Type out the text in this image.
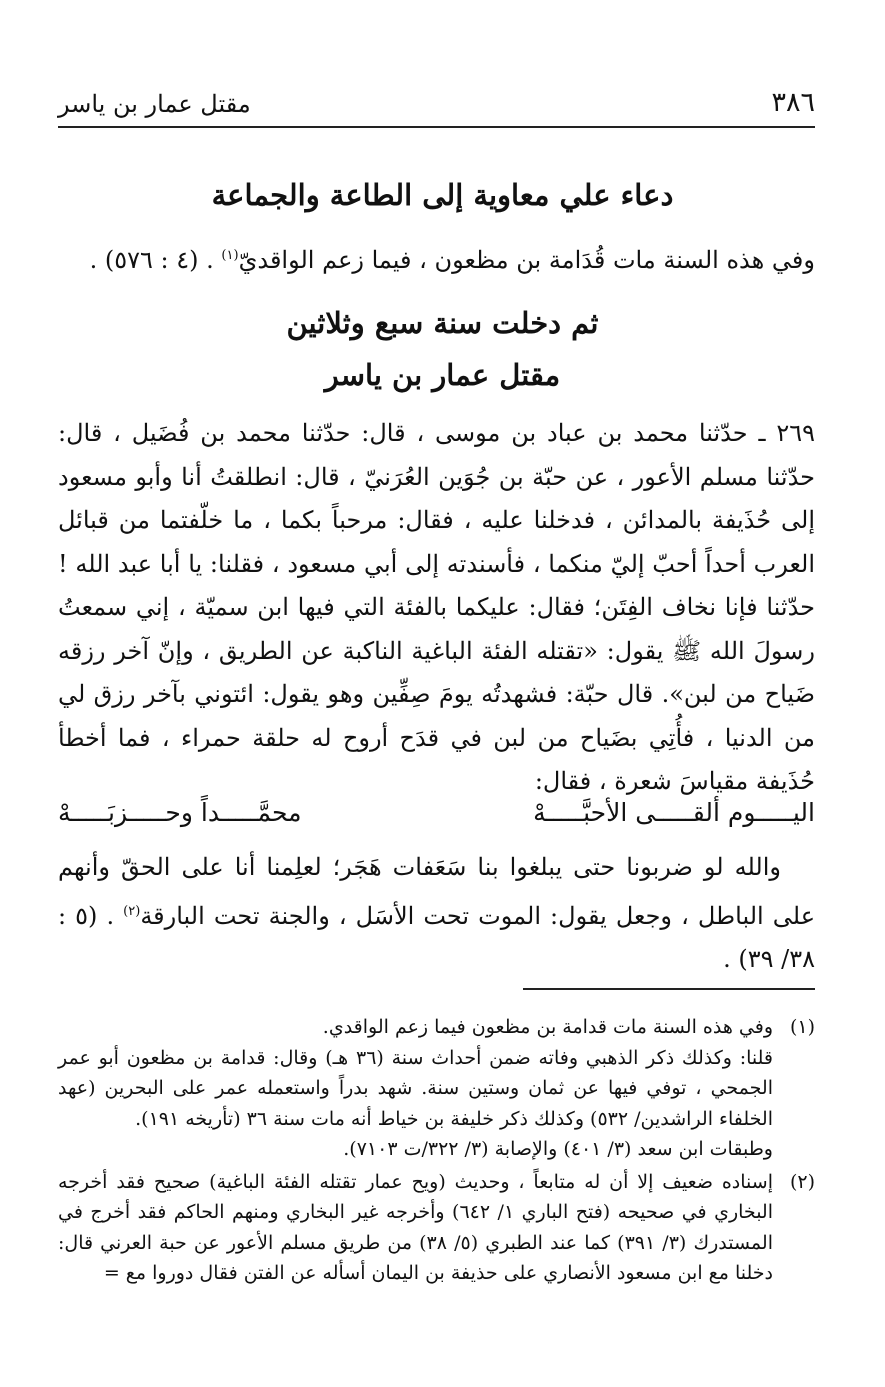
٣٨٦
مقتل عمار بن ياسر
دعاء علي معاوية إلى الطاعة والجماعة

وفي هذه السنة مات قُدَامة بن مظعون ، فيما زعم الواقديّ$^{(١)}$ . (٤ : ٥٧٦) .

ثم دخلت سنة سبع وثلاثين
مقتل عمار بن ياسر

٢٦٩ ـ حدّثنا محمد بن عباد بن موسى ، قال: حدّثنا محمد بن فُضَيل ، قال: حدّثنا مسلم الأعور ، عن حبّة بن جُوَين العُرَنيّ ، قال: انطلقتُ أنا وأبو مسعود إلى حُذَيفة بالمدائن ، فدخلنا عليه ، فقال: مرحباً بكما ، ما خلّفتما من قبائل العرب أحداً أحبّ إليّ منكما ، فأسندته إلى أبي مسعود ، فقلنا: يا أبا عبد الله ! حدّثنا فإنا نخاف الفِتَن؛ فقال: عليكما بالفئة التي فيها ابن سميّة ، إني سمعتُ رسولَ الله ﷺ يقول: «تقتله الفئة الباغية الناكبة عن الطريق ، وإنّ آخر رزقه ضَياح من لبن». قال حبّة: فشهدتُه يومَ صِفِّين وهو يقول: ائتوني بآخر رزق لي من الدنيا ، فأُتِي بضَياح من لبن في قدَح أروح له حلقة حمراء ، فما أخطأ حُذَيفة مقياسَ شعرة ، فقال:

اليـــــوم ألقـــــى الأحبَّـــــهْ
محمَّـــــداً وحـــــزبَـــــهْ

والله لو ضربونا حتى يبلغوا بنا سَعَفات هَجَر؛ لعلِمنا أنا على الحقّ وأنهم على الباطل ، وجعل يقول: الموت تحت الأسَل ، والجنة تحت البارقة$^{(٢)}$ . (٥ : ٣٨/ ٣٩) .

(١)

وفي هذه السنة مات قدامة بن مظعون فيما زعم الواقدي.

قلنا: وكذلك ذكر الذهبي وفاته ضمن أحداث سنة (٣٦ هـ) وقال: قدامة بن مظعون أبو عمر الجمحي ، توفي فيها عن ثمان وستين سنة. شهد بدراً واستعمله عمر على البحرين (عهد الخلفاء الراشدين/ ٥٣٢) وكذلك ذكر خليفة بن خياط أنه مات سنة ٣٦ (تأريخه ١٩١).

وطبقات ابن سعد (٣/ ٤٠١) والإصابة (٣/ ٣٢٢/ت ٧١٠٣).

(٢)

إسناده ضعيف إلا أن له متابعاً ، وحديث (ويح عمار تقتله الفئة الباغية) صحيح فقد أخرجه البخاري في صحيحه (فتح الباري ١/ ٦٤٢) وأخرجه غير البخاري ومنهم الحاكم فقد أخرج في المستدرك (٣/ ٣٩١) كما عند الطبري (٥/ ٣٨) من طريق مسلم الأعور عن حبة العرني قال: دخلنا مع ابن مسعود الأنصاري على حذيفة بن اليمان أسأله عن الفتن فقال دوروا مع =
